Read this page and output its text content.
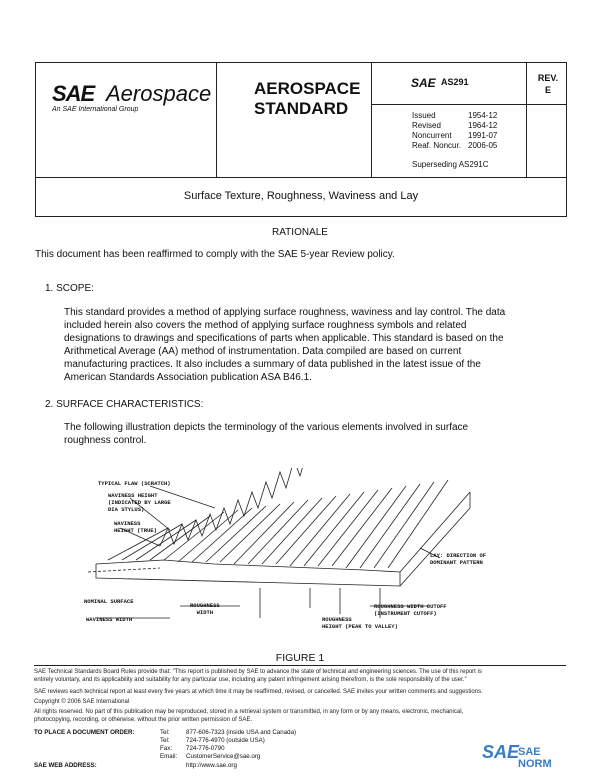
SAE Aerospace
An SAE International Group
AEROSPACE
STANDARD
SAE AS291	REV.
E
Issued	1954-12
Revised	1964-12
Noncurrent 1991-07
Reaf. Noncur. 2006-05
Superseding AS291C
Surface Texture, Roughness, Waviness and Lay
RATIONALE
This document has been reaffirmed to comply with the SAE 5-year Review policy.
1. SCOPE:
This standard provides a method of applying surface roughness, waviness and lay control. The data
included herein also covers the method of applying surface roughness symbols and related
designations to drawings and specifications of parts when applicable. This standard is based on the
Arithmetical Average (AA) method of instrumentation. Data compiled are based on current
manufacturing practices. It also includes a summary of data published in the latest issue of the
American Standards Association publication ASA B46.1.
2. SURFACE CHARACTERISTICS:
The following illustration depicts the terminology of the various elements involved in surface
roughness control.
TYPICAL FLAW (SCRATCH)
WAVINESS HEIGHT
(INDICATED BY LARGE
DIA STYLUS)
WAVINESS
HEIGHT (TRUE)
LAY: DIRECTION OF
DOMINANT PATTERN
NOMINAL SURFACE
ROUGHNESS
WIDTH
ROUGHNESS WIDTH CUTOFF
(INSTRUMENT CUTOFF)
WAVINESS WIDTH	ROUGHNESS
HEIGHT (PEAK TO VALLEY)
FIGURE 1
SAE Technical Standards Board Rules provide that: "This report is published by SAE to advance the state of technical and engineering sciences. The use of this report is
entirely voluntary, and its applicability and suitability for any particular use, including any patent infringement arising therefrom, is the sole responsibility of the user."
SAE reviews each technical report at least every five years at which time it may be reaffirmed, revised, or cancelled. SAE invites your written comments and suggestions.
Copyright © 2006 SAE International
All rights reserved. No part of this publication may be reproduced, stored in a retrieval system or transmitted, in any form or by any means, electronic, mechanical,
photocopying, recording, or otherwise, without the prior written permission of SAE.
TO PLACE A DOCUMENT ORDER:	Tel:	877-606-7323 (inside USA and Canada)
Tel:	724-776-4970 (outside USA)
Fax: 724-776-0790
Email: CustomerService@sae.org
SAE WEB ADDRESS:	http://www.sae.org
SAE
SAE NORM
